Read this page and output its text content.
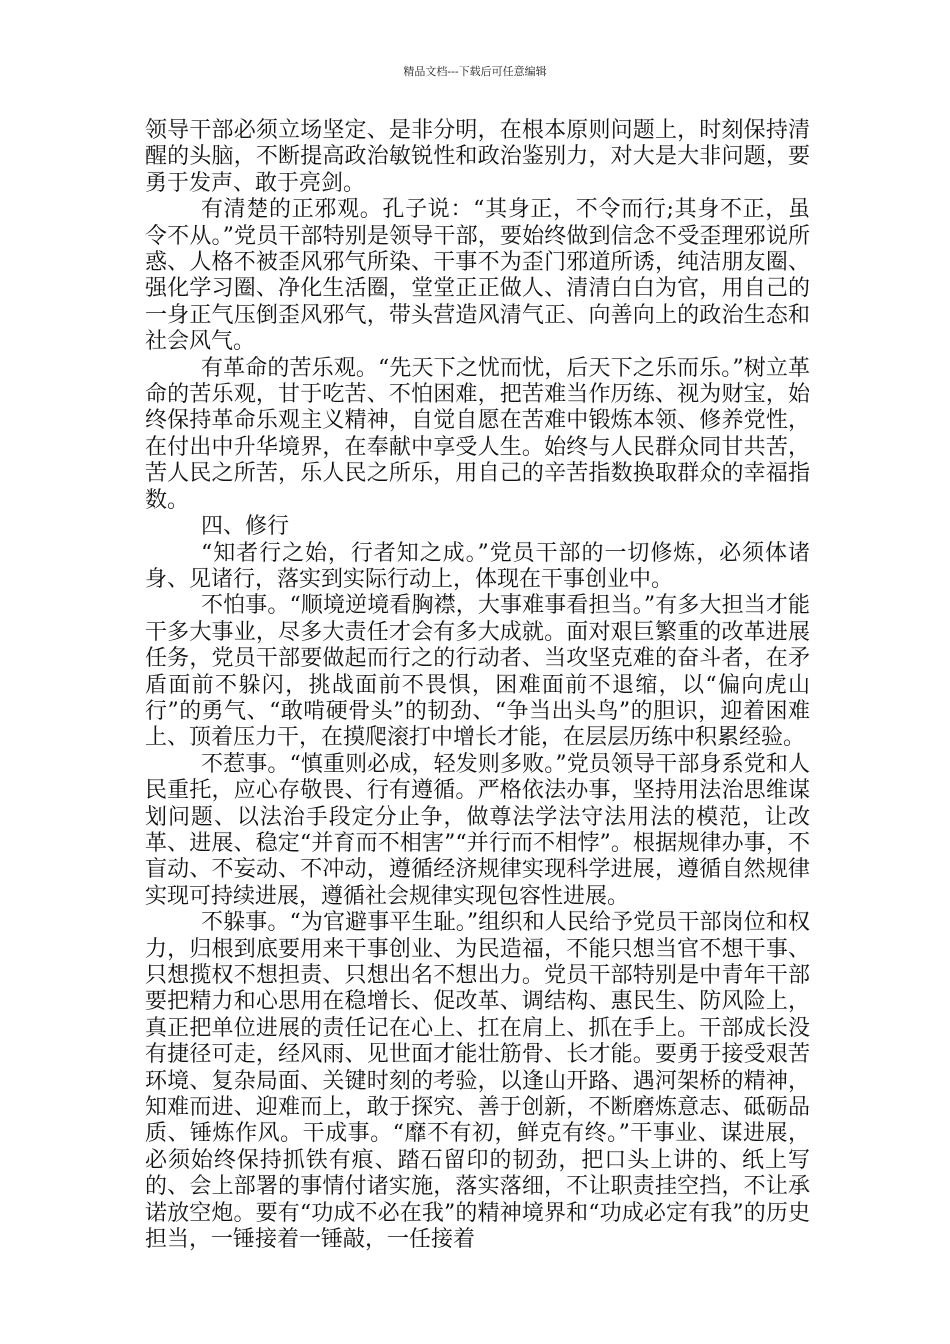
精品文档---下载后可任意编辑

领导干部必须立场坚定、是非分明，在根本原则问题上，时刻保持清醒的头脑，不断提高政治敏锐性和政治鉴别力，对大是大非问题，要勇于发声、敢于亮剑。

有清楚的正邪观。孔子说：“其身正，不令而行;其身不正，虽令不从。”党员干部特别是领导干部，要始终做到信念不受歪理邪说所惑、人格不被歪风邪气所染、干事不为歪门邪道所诱，纯洁朋友圈、强化学习圈、净化生活圈，堂堂正正做人、清清白白为官，用自己的一身正气压倒歪风邪气，带头营造风清气正、向善向上的政治生态和社会风气。

有革命的苦乐观。“先天下之忧而忧，后天下之乐而乐。”树立革命的苦乐观，甘于吃苦、不怕困难，把苦难当作历练、视为财宝，始终保持革命乐观主义精神，自觉自愿在苦难中锻炼本领、修养党性，在付出中升华境界，在奉献中享受人生。始终与人民群众同甘共苦，苦人民之所苦，乐人民之所乐，用自己的辛苦指数换取群众的幸福指数。

四、修行

“知者行之始，行者知之成。”党员干部的一切修炼，必须体诸身、见诸行，落实到实际行动上，体现在干事创业中。

不怕事。“顺境逆境看胸襟，大事难事看担当。”有多大担当才能干多大事业，尽多大责任才会有多大成就。面对艰巨繁重的改革进展任务，党员干部要做起而行之的行动者、当攻坚克难的奋斗者，在矛盾面前不躲闪，挑战面前不畏惧，困难面前不退缩，以“偏向虎山行”的勇气、“敢啃硬骨头”的韧劲、“争当出头鸟”的胆识，迎着困难上、顶着压力干，在摸爬滚打中增长才能，在层层历练中积累经验。

不惹事。“慎重则必成，轻发则多败。”党员领导干部身系党和人民重托，应心存敬畏、行有遵循。严格依法办事，坚持用法治思维谋划问题、以法治手段定分止争，做尊法学法守法用法的模范，让改革、进展、稳定“并育而不相害”“并行而不相悖”。根据规律办事，不盲动、不妄动、不冲动，遵循经济规律实现科学进展，遵循自然规律实现可持续进展，遵循社会规律实现包容性进展。

不躲事。“为官避事平生耻。”组织和人民给予党员干部岗位和权力，归根到底要用来干事创业、为民造福，不能只想当官不想干事、只想揽权不想担责、只想出名不想出力。党员干部特别是中青年干部要把精力和心思用在稳增长、促改革、调结构、惠民生、防风险上，真正把单位进展的责任记在心上、扛在肩上、抓在手上。干部成长没有捷径可走，经风雨、见世面才能壮筋骨、长才能。要勇于接受艰苦环境、复杂局面、关键时刻的考验，以逢山开路、遇河架桥的精神，知难而进、迎难而上，敢于探究、善于创新，不断磨炼意志、砥砺品质、锤炼作风。干成事。“靡不有初，鲜克有终。”干事业、谋进展，必须始终保持抓铁有痕、踏石留印的韧劲，把口头上讲的、纸上写的、会上部署的事情付诸实施，落实落细，不让职责挂空挡，不让承诺放空炮。要有“功成不必在我”的精神境界和“功成必定有我”的历史担当，一锤接着一锤敲，一任接着
